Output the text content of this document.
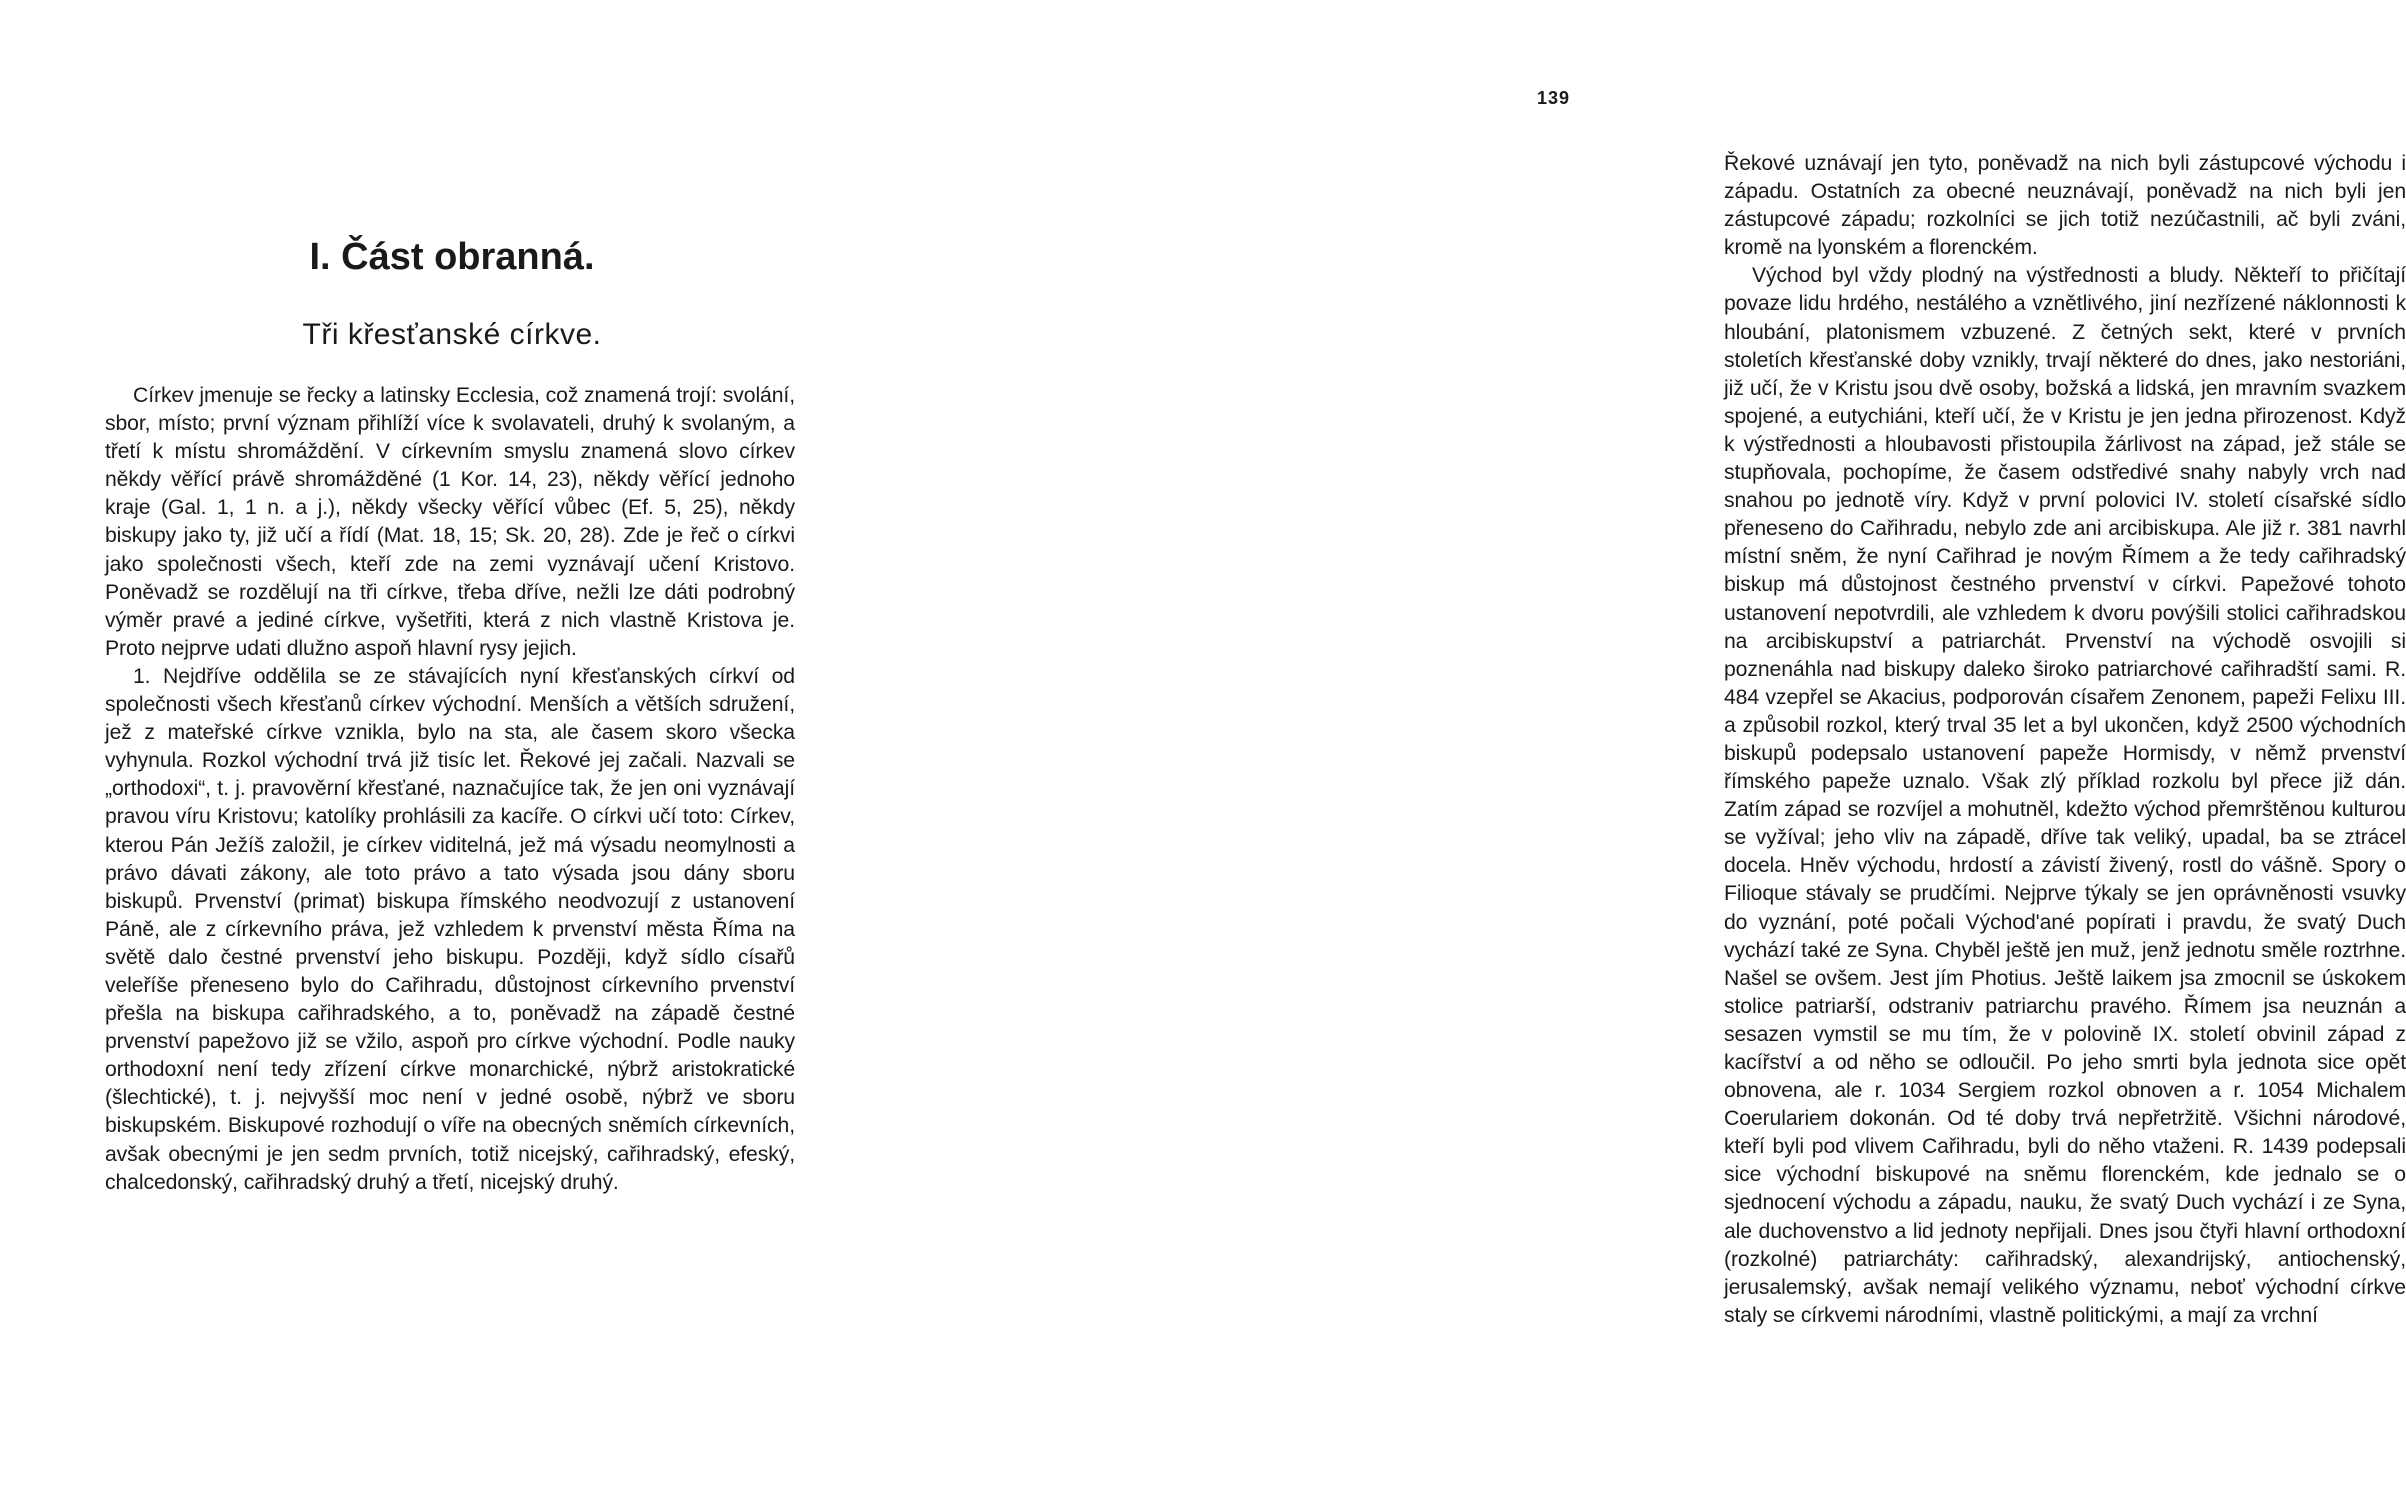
I. Část obranná.
Tři křesťanské církve.

Církev jmenuje se řecky a latinsky Ecclesia, což znamená trojí: svolání, sbor, místo; první význam přihlíží více k svolavateli, druhý k svolaným, a třetí k místu shromáždění. V církevním smyslu znamená slovo církev někdy věřící právě shromážděné (1 Kor. 14, 23), někdy věřící jednoho kraje (Gal. 1, 1 n. a j.), někdy všecky věřící vůbec (Ef. 5, 25), někdy biskupy jako ty, již učí a řídí (Mat. 18, 15; Sk. 20, 28). Zde je řeč o církvi jako společnosti všech, kteří zde na zemi vyznávají učení Kristovo. Poněvadž se rozdělují na tři církve, třeba dříve, nežli lze dáti podrobný výměr pravé a jediné církve, vyšetřiti, která z nich vlastně Kristova je. Proto nejprve udati dlužno aspoň hlavní rysy jejich.

1. Nejdříve oddělila se ze stávajících nyní křesťanských církví od společnosti všech křesťanů církev východní. Menších a větších sdružení, jež z mateřské církve vznikla, bylo na sta, ale časem skoro všecka vyhynula. Rozkol východní trvá již tisíc let. Řekové jej začali. Nazvali se „orthodoxi“, t. j. pravověrní křesťané, naznačujíce tak, že jen oni vyznávají pravou víru Kristovu; katolíky prohlásili za kacíře. O církvi učí toto: Církev, kterou Pán Ježíš založil, je církev viditelná, jež má výsadu neomylnosti a právo dávati zákony, ale toto právo a tato výsada jsou dány sboru biskupů. Prvenství (primat) biskupa římského neodvozují z ustanovení Páně, ale z církevního práva, jež vzhledem k prvenství města Říma na světě dalo čestné prvenství jeho biskupu. Později, když sídlo císařů veleříše přeneseno bylo do Cařihradu, důstojnost církevního prvenství přešla na biskupa cařihradského, a to, poněvadž na západě čestné prvenství papežovo již se vžilo, aspoň pro církve východní. Podle nauky orthodoxní není tedy zřízení církve monarchické, nýbrž aristokratické (šlechtické), t. j. nejvyšší moc není v jedné osobě, nýbrž ve sboru biskupském. Biskupové rozhodují o víře na obecných sněmích církevních, avšak obecnými je jen sedm prvních, totiž nicejský, cařihradský, efeský, chalcedonský, cařihradský druhý a třetí, nicejský druhý.

139

Řekové uznávají jen tyto, poněvadž na nich byli zástupcové východu i západu. Ostatních za obecné neuznávají, poněvadž na nich byli jen zástupcové západu; rozkolníci se jich totiž nezúčastnili, ač byli zváni, kromě na lyonském a florenckém.

Východ byl vždy plodný na výstřednosti a bludy. Někteří to přičítají povaze lidu hrdého, nestálého a vznětlivého, jiní nezřízené náklonnosti k hloubání, platonismem vzbuzené. Z četných sekt, které v prvních stoletích křesťanské doby vznikly, trvají některé do dnes, jako nestoriáni, již učí, že v Kristu jsou dvě osoby, božská a lidská, jen mravním svazkem spojené, a eutychiáni, kteří učí, že v Kristu je jen jedna přirozenost. Když k výstřednosti a hloubavosti přistoupila žárlivost na západ, jež stále se stupňovala, pochopíme, že časem odstředivé snahy nabyly vrch nad snahou po jednotě víry. Když v první polovici IV. století císařské sídlo přeneseno do Cařihradu, nebylo zde ani arcibiskupa. Ale již r. 381 navrhl místní sněm, že nyní Cařihrad je novým Římem a že tedy cařihradský biskup má důstojnost čestného prvenství v církvi. Papežové tohoto ustanovení nepotvrdili, ale vzhledem k dvoru povýšili stolici cařihradskou na arcibiskupství a patriarchát. Prvenství na východě osvojili si poznenáhla nad biskupy daleko široko patriarchové cařihradští sami. R. 484 vzepřel se Akacius, podporován císařem Zenonem, papeži Felixu III. a způsobil rozkol, který trval 35 let a byl ukončen, když 2500 východních biskupů podepsalo ustanovení papeže Hormisdy, v němž prvenství římského papeže uznalo. Však zlý příklad rozkolu byl přece již dán. Zatím západ se rozvíjel a mohutněl, kdežto východ přemrštěnou kulturou se vyžíval; jeho vliv na západě, dříve tak veliký, upadal, ba se ztrácel docela. Hněv východu, hrdostí a závistí živený, rostl do vášně. Spory o Filioque stávaly se prudčími. Nejprve týkaly se jen oprávněnosti vsuvky do vyznání, poté počali Východ'ané popírati i pravdu, že svatý Duch vychází také ze Syna. Chyběl ještě jen muž, jenž jednotu směle roztrhne. Našel se ovšem. Jest jím Photius. Ještě laikem jsa zmocnil se úskokem stolice patriarší, odstraniv patriarchu pravého. Římem jsa neuznán a sesazen vymstil se mu tím, že v polovině IX. století obvinil západ z kacířství a od něho se odloučil. Po jeho smrti byla jednota sice opět obnovena, ale r. 1034 Sergiem rozkol obnoven a r. 1054 Michalem Coerulariem dokonán. Od té doby trvá nepřetržitě. Všichni národové, kteří byli pod vlivem Cařihradu, byli do něho vtaženi. R. 1439 podepsali sice východní biskupové na sněmu florenckém, kde jednalo se o sjednocení východu a západu, nauku, že svatý Duch vychází i ze Syna, ale duchovenstvo a lid jednoty nepřijali. Dnes jsou čtyři hlavní orthodoxní (rozkolné) patriarcháty: cařihradský, alexandrijský, antiochenský, jerusalemský, avšak nemají velikého významu, neboť východní církve staly se církvemi národními, vlastně politickými, a mají za vrchní
